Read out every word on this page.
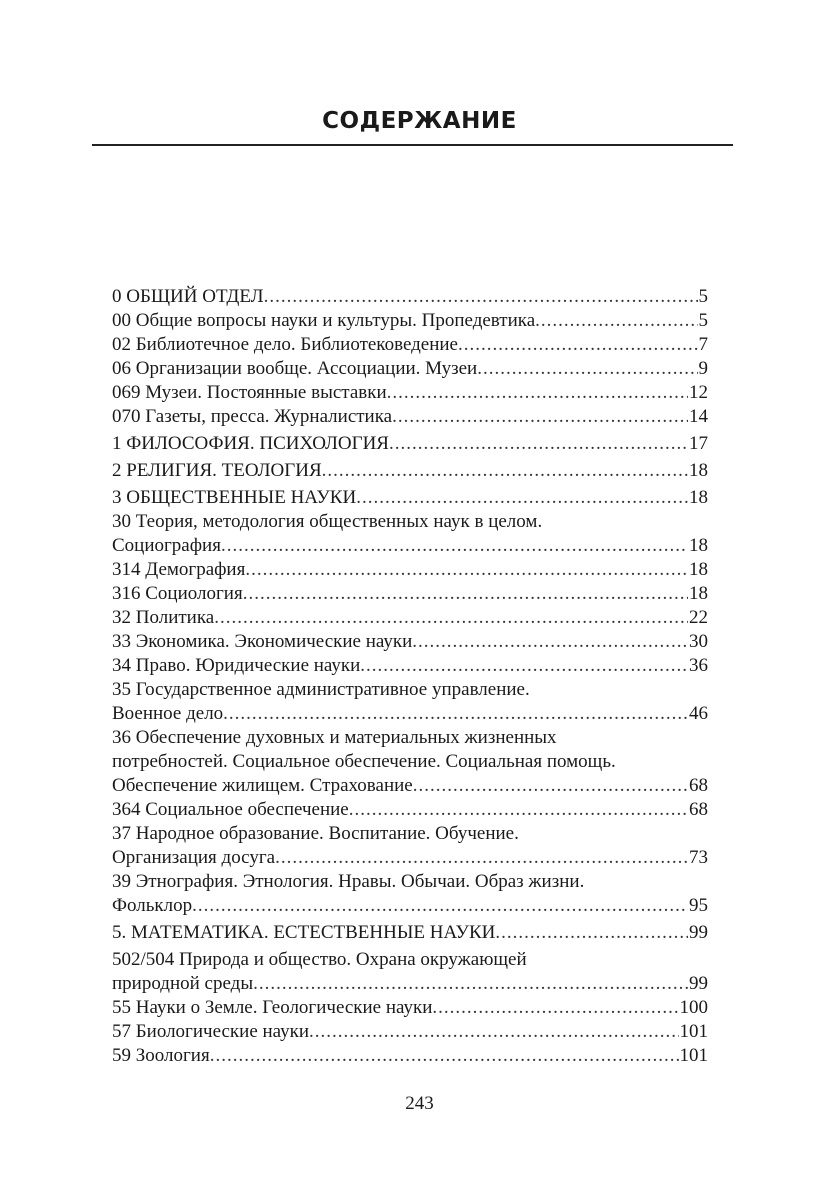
СОДЕРЖАНИЕ
0 ОБЩИЙ ОТДЕЛ .....	5
00 Общие вопросы науки и культуры. Пропедевтика .....	5
02 Библиотечное дело. Библиотековедение .....	7
06 Организации вообще. Ассоциации. Музеи .....	9
069 Музеи. Постоянные выставки .....	12
070 Газеты, пресса. Журналистика .....	14
1 ФИЛОСОФИЯ. ПСИХОЛОГИЯ .....	17
2 РЕЛИГИЯ. ТЕОЛОГИЯ .....	18
3 ОБЩЕСТВЕННЫЕ НАУКИ .....	18
30 Теория, методология общественных наук в целом.
Социография .....	18
314 Демография .....	18
316 Социология .....	18
32 Политика .....	22
33 Экономика. Экономические науки .....	30
34 Право. Юридические науки .....	36
35 Государственное административное управление.
Военное дело .....	46
36 Обеспечение духовных и материальных жизненных
потребностей. Социальное обеспечение. Социальная помощь.
Обеспечение жилищем. Страхование .....	68
364 Социальное обеспечение .....	68
37 Народное образование. Воспитание. Обучение.
Организация досуга .....	73
39 Этнография. Этнология. Нравы. Обычаи. Образ жизни.
Фольклор .....	95
5. МАТЕМАТИКА. ЕСТЕСТВЕННЫЕ НАУКИ .....	99
502/504 Природа и общество. Охрана окружающей
природной среды .....	99
55 Науки о Земле. Геологические науки .....	100
57 Биологические науки .....	101
59 Зоология .....	101
243
